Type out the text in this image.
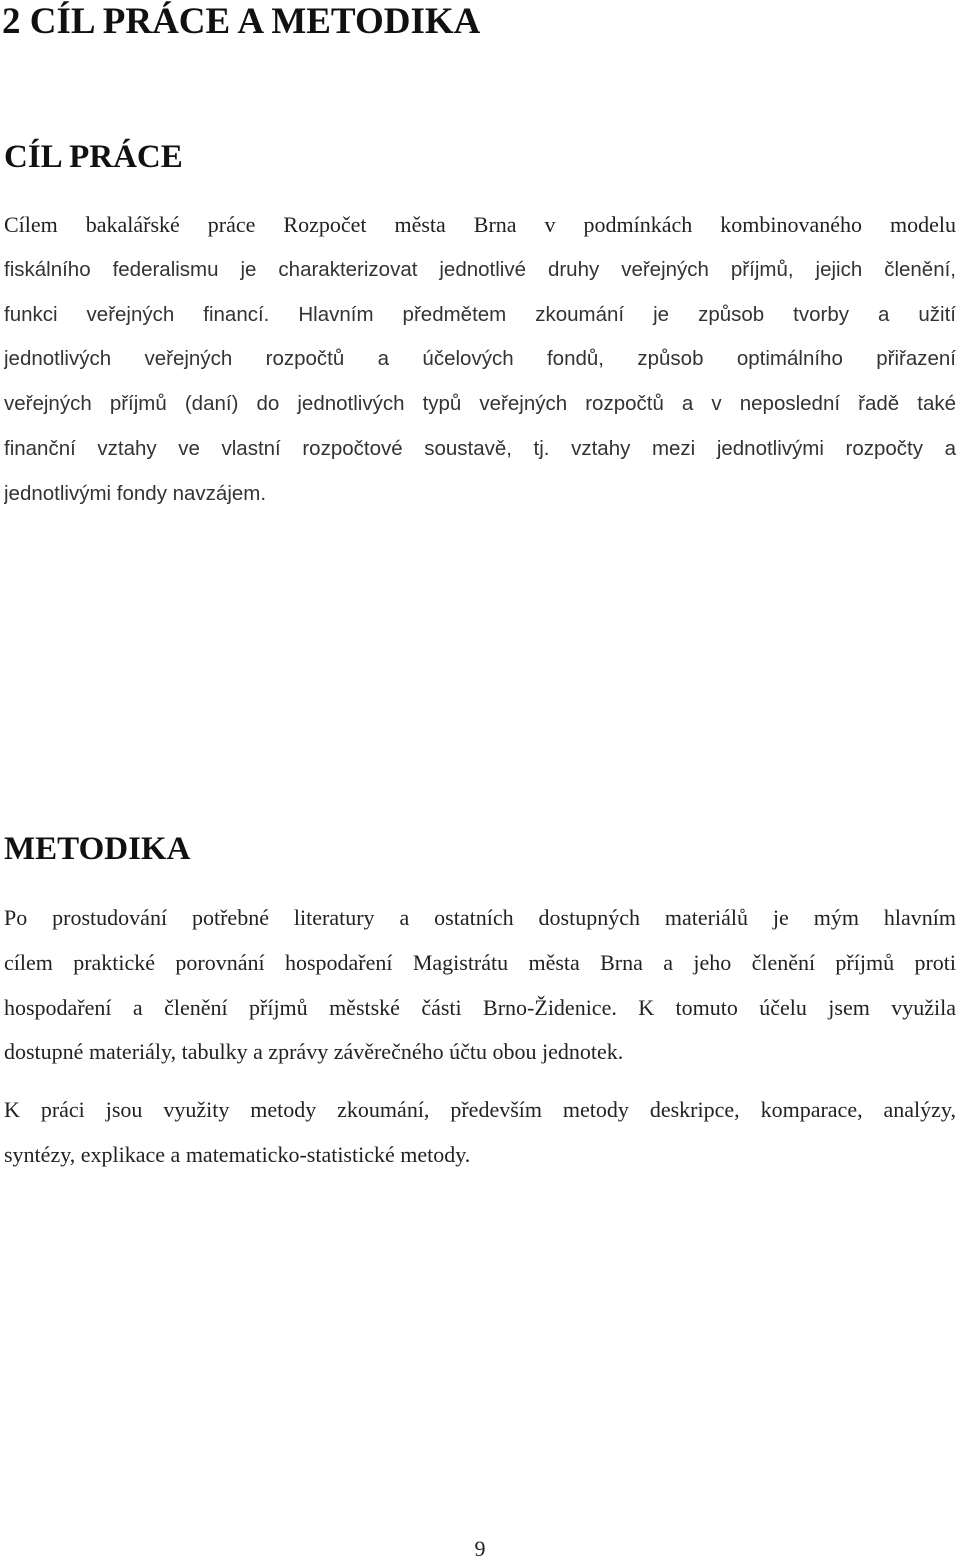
2 CÍL PRÁCE A METODIKA
CÍL PRÁCE
Cílem bakalářské práce Rozpočet města Brna v podmínkách kombinovaného modelu
fiskálního federalismu je charakterizovat jednotlivé druhy veřejných příjmů, jejich členění,
funkci veřejných financí. Hlavním předmětem zkoumání je způsob tvorby a užití
jednotlivých veřejných rozpočtů a účelových fondů, způsob optimálního přiřazení
veřejných příjmů (daní) do jednotlivých typů veřejných rozpočtů a v neposlední řadě také
finanční vztahy ve vlastní rozpočtové soustavě, tj. vztahy mezi jednotlivými rozpočty a
jednotlivými fondy navzájem.
METODIKA
Po prostudování potřebné literatury a ostatních dostupných materiálů je mým hlavním
cílem praktické porovnání hospodaření Magistrátu města Brna a jeho členění příjmů proti
hospodaření a členění příjmů městské části Brno-Židenice. K tomuto účelu jsem využila
dostupné materiály, tabulky a zprávy závěrečného účtu obou jednotek.
K práci jsou využity metody zkoumání, především metody deskripce, komparace, analýzy,
syntézy, explikace a matematicko-statistické metody.

9
